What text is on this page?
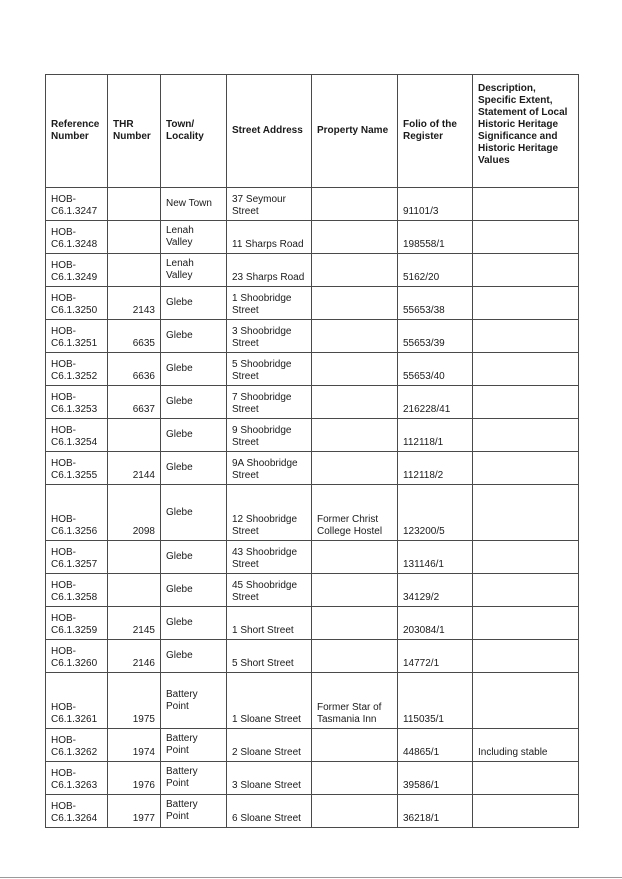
Reference Number	THR Number	Town/ Locality	Street Address	Property Name	Folio of the Register	Description, Specific Extent, Statement of Local Historic Heritage Significance and Historic Heritage Values
HOB-C6.1.3247		New Town	37 Seymour Street		91101/3	
HOB-C6.1.3248		Lenah Valley	11 Sharps Road		198558/1	
HOB-C6.1.3249		Lenah Valley	23 Sharps Road		5162/20	
HOB-C6.1.3250	2143	Glebe	1 Shoobridge Street		55653/38	
HOB-C6.1.3251	6635	Glebe	3 Shoobridge Street		55653/39	
HOB-C6.1.3252	6636	Glebe	5 Shoobridge Street		55653/40	
HOB-C6.1.3253	6637	Glebe	7 Shoobridge Street		216228/41	
HOB-C6.1.3254		Glebe	9 Shoobridge Street		112118/1	
HOB-C6.1.3255	2144	Glebe	9A Shoobridge Street		112118/2	
HOB-C6.1.3256	2098	Glebe	12 Shoobridge Street	Former Christ College Hostel	123200/5	
HOB-C6.1.3257		Glebe	43 Shoobridge Street		131146/1	
HOB-C6.1.3258		Glebe	45 Shoobridge Street		34129/2	
HOB-C6.1.3259	2145	Glebe	1 Short Street		203084/1	
HOB-C6.1.3260	2146	Glebe	5 Short Street		14772/1	
HOB-C6.1.3261	1975	Battery Point	1 Sloane Street	Former Star of Tasmania Inn	115035/1	
HOB-C6.1.3262	1974	Battery Point	2 Sloane Street		44865/1	Including stable
HOB-C6.1.3263	1976	Battery Point	3 Sloane Street		39586/1	
HOB-C6.1.3264	1977	Battery Point	6 Sloane Street		36218/1	
